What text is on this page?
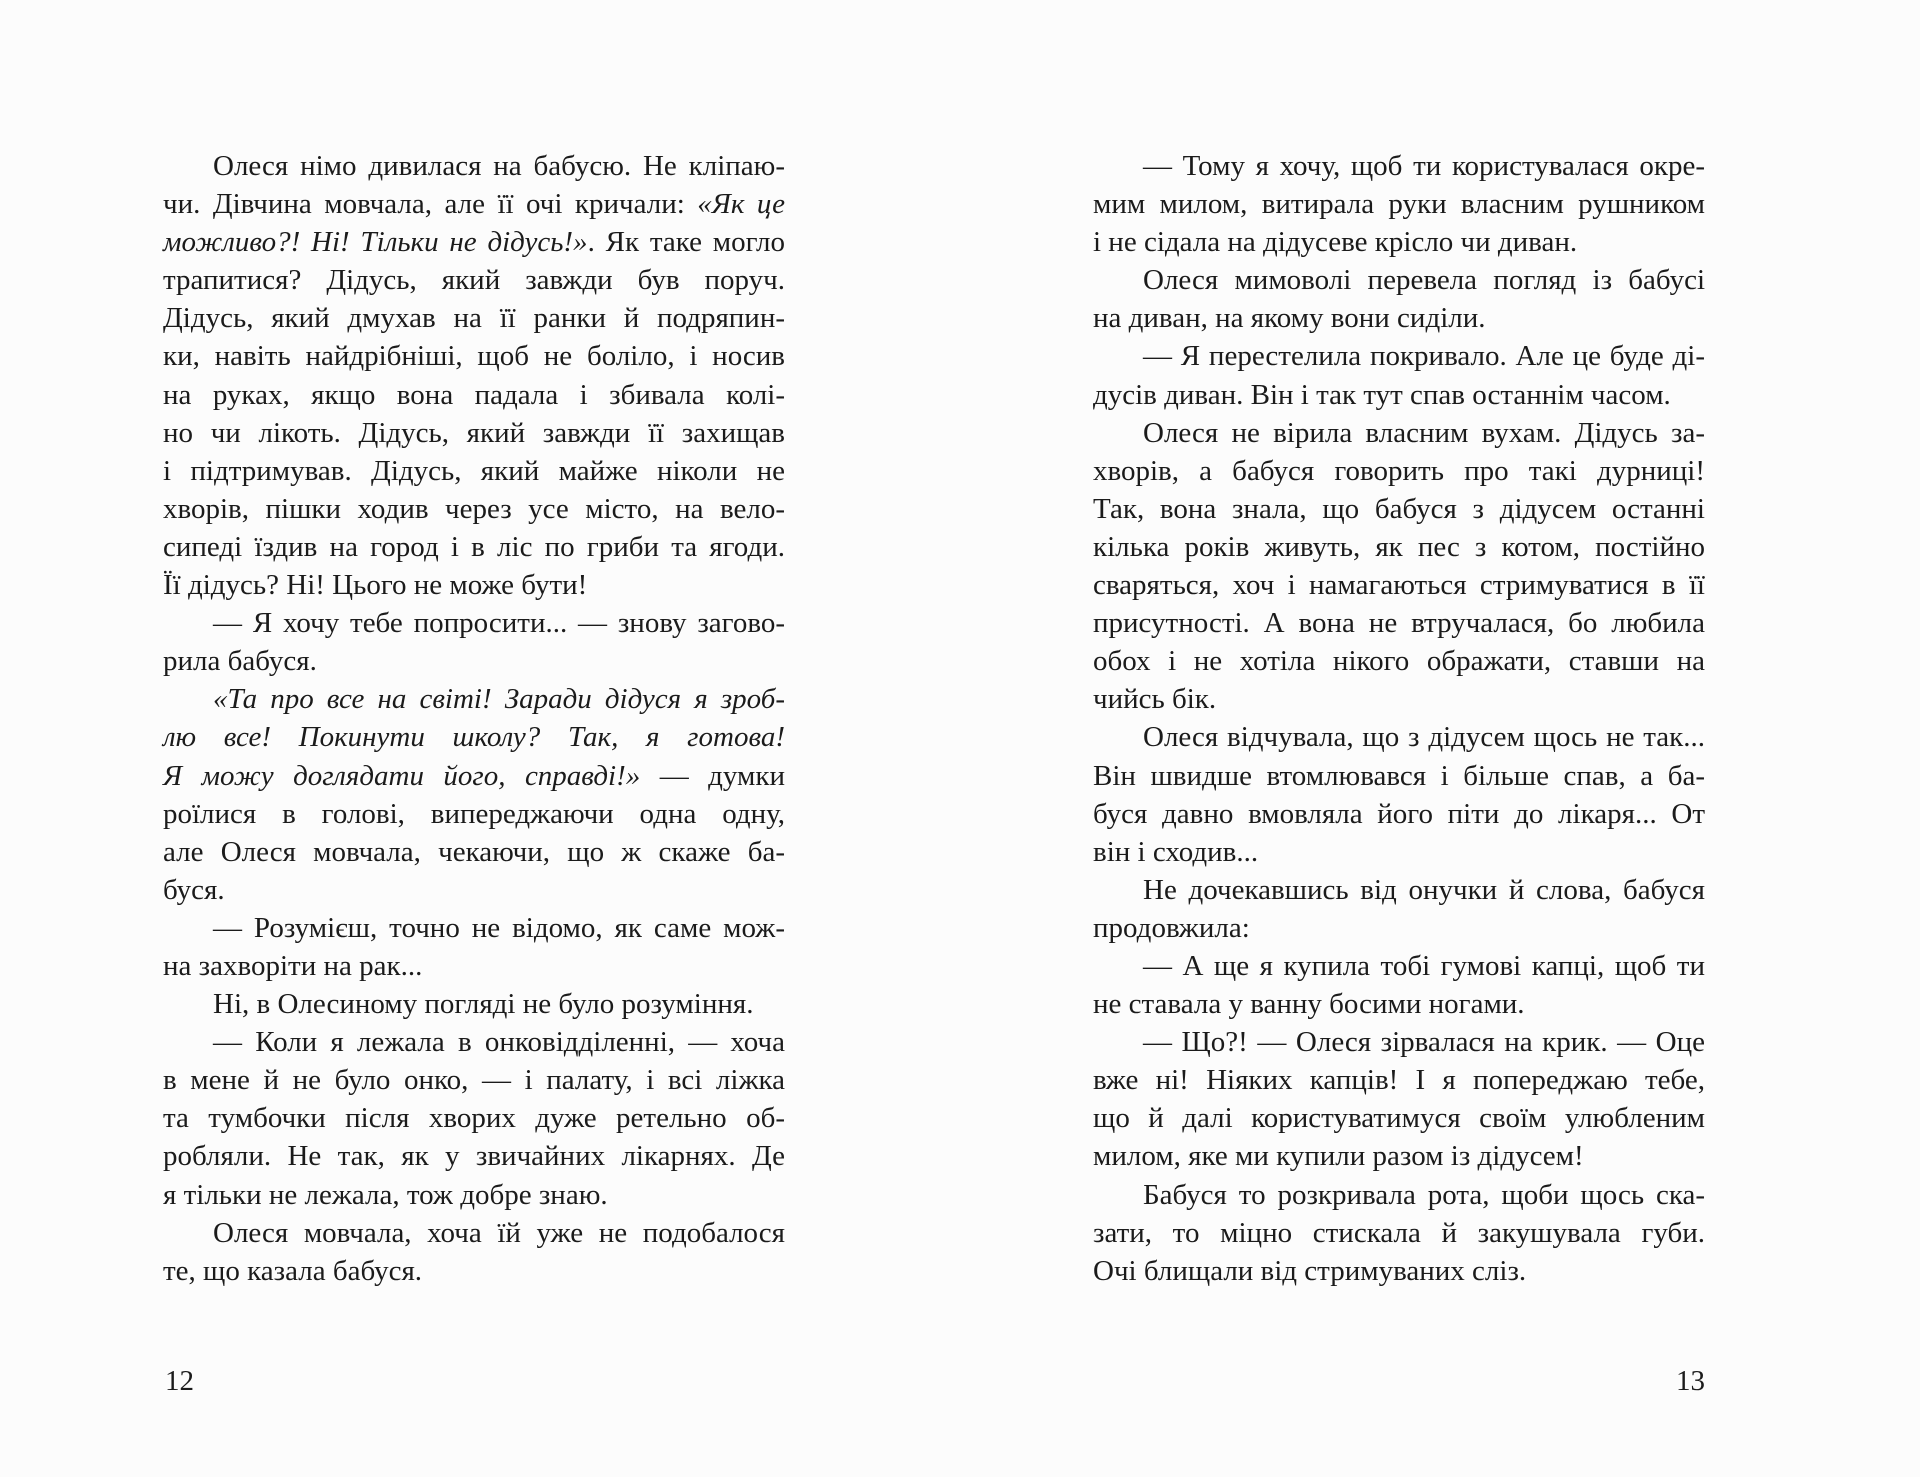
Олеся німо дивилася на бабусю. Не кліпаю-
чи. Дівчина мовчала, але її очі кричали: «Як це
можливо?! Ні! Тільки не дідусь!». Як таке могло
трапитися? Дідусь, який завжди був поруч.
Дідусь, який дмухав на її ранки й подряпин-
ки, навіть найдрібніші, щоб не боліло, і носив
на руках, якщо вона падала і збивала колі-
но чи лікоть. Дідусь, який завжди її захищав
і підтримував. Дідусь, який майже ніколи не
хворів, пішки ходив через усе місто, на вело-
сипеді їздив на город і в ліс по гриби та ягоди.
Її дідусь? Ні! Цього не може бути!
— Я хочу тебе попросити... — знову загово-
рила бабуся.
«Та про все на світі! Заради дідуся я зроб-
лю все! Покинути школу? Так, я готова!
Я можу доглядати його, справді!» — думки
роїлися в голові, випереджаючи одна одну,
але Олеся мовчала, чекаючи, що ж скаже ба-
буся.
— Розумієш, точно не відомо, як саме мож-
на захворіти на рак...
Ні, в Олесиному погляді не було розуміння.
— Коли я лежала в онковідділенні, — хоча
в мене й не було онко, — і палату, і всі ліжка
та тумбочки після хворих дуже ретельно об-
робляли. Не так, як у звичайних лікарнях. Де
я тільки не лежала, тож добре знаю.
Олеся мовчала, хоча їй уже не подобалося
те, що казала бабуся.
12
— Тому я хочу, щоб ти користувалася окре-
мим милом, витирала руки власним рушником
і не сідала на дідусеве крісло чи диван.
Олеся мимоволі перевела погляд із бабусі
на диван, на якому вони сиділи.
— Я перестелила покривало. Але це буде ді-
дусів диван. Він і так тут спав останнім часом.
Олеся не вірила власним вухам. Дідусь за-
хворів, а бабуся говорить про такі дурниці!
Так, вона знала, що бабуся з дідусем останні
кілька років живуть, як пес з котом, постійно
сваряться, хоч і намагаються стримуватися в її
присутності. А вона не втручалася, бо любила
обох і не хотіла нікого ображати, ставши на
чийсь бік.
Олеся відчувала, що з дідусем щось не так...
Він швидше втомлювався і більше спав, а ба-
буся давно вмовляла його піти до лікаря... От
він і сходив...
Не дочекавшись від онучки й слова, бабуся
продовжила:
— А ще я купила тобі гумові капці, щоб ти
не ставала у ванну босими ногами.
— Що?! — Олеся зірвалася на крик. — Оце
вже ні! Ніяких капців! І я попереджаю тебе,
що й далі користуватимуся своїм улюбленим
милом, яке ми купили разом із дідусем!
Бабуся то розкривала рота, щоби щось ска-
зати, то міцно стискала й закушувала губи.
Очі блищали від стримуваних сліз.
13
